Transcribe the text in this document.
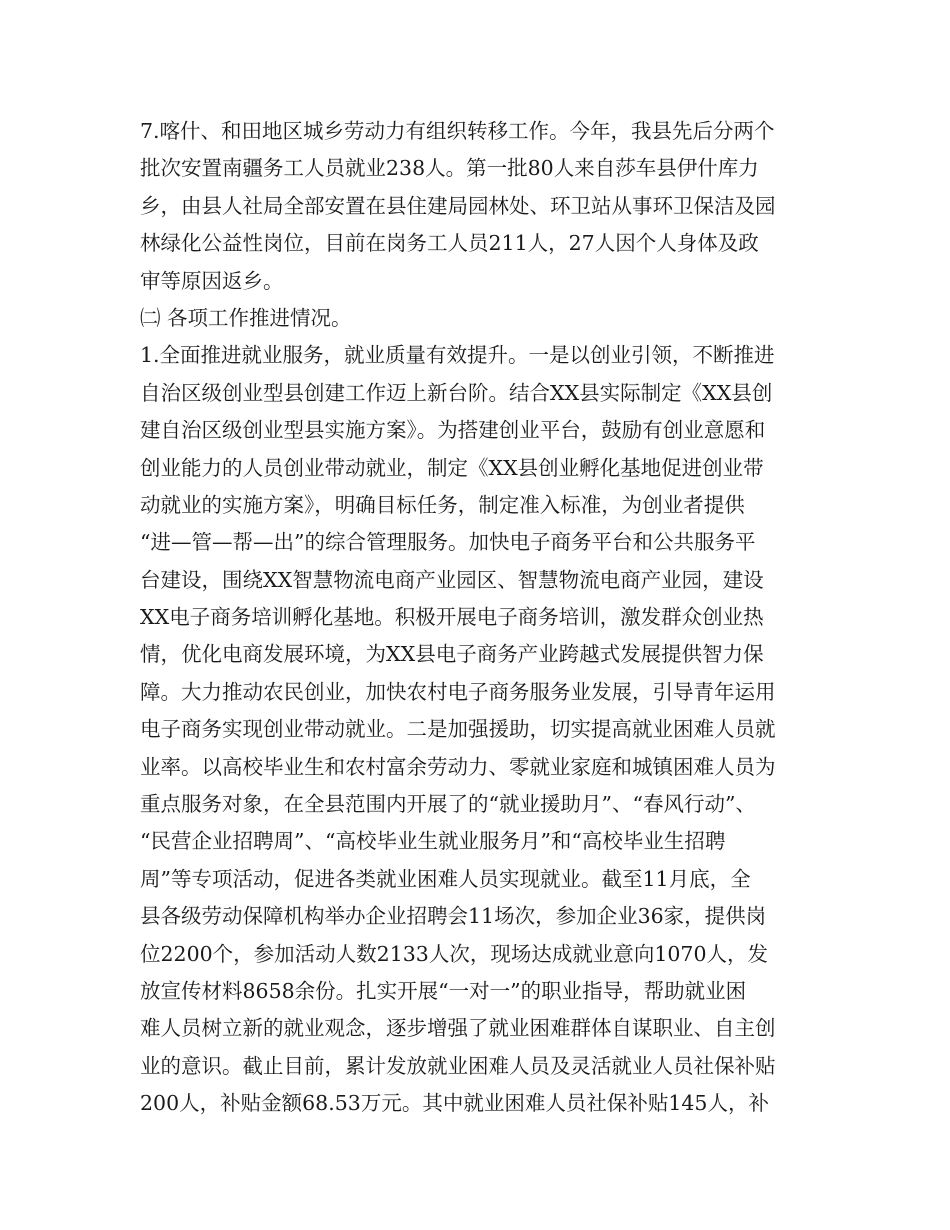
7.喀什、和田地区城乡劳动力有组织转移工作。今年，我县先后分两个
批次安置南疆务工人员就业238人。第一批80人来自莎车县伊什库力
乡，由县人社局全部安置在县住建局园林处、环卫站从事环卫保洁及园
林绿化公益性岗位，目前在岗务工人员211人，27人因个人身体及政
审等原因返乡。
㈡ 各项工作推进情况。
1.全面推进就业服务，就业质量有效提升。一是以创业引领，不断推进
自治区级创业型县创建工作迈上新台阶。结合XX县实际制定《XX县创
建自治区级创业型县实施方案》。为搭建创业平台，鼓励有创业意愿和
创业能力的人员创业带动就业，制定《XX县创业孵化基地促进创业带
动就业的实施方案》，明确目标任务，制定准入标准，为创业者提供
“进—管—帮—出”的综合管理服务。加快电子商务平台和公共服务平
台建设，围绕XX智慧物流电商产业园区、智慧物流电商产业园，建设
XX电子商务培训孵化基地。积极开展电子商务培训，激发群众创业热
情，优化电商发展环境，为XX县电子商务产业跨越式发展提供智力保
障。大力推动农民创业，加快农村电子商务服务业发展，引导青年运用
电子商务实现创业带动就业。二是加强援助，切实提高就业困难人员就
业率。以高校毕业生和农村富余劳动力、零就业家庭和城镇困难人员为
重点服务对象，在全县范围内开展了的“就业援助月”、“春风行动”、
“民营企业招聘周”、“高校毕业生就业服务月”和“高校毕业生招聘
周”等专项活动，促进各类就业困难人员实现就业。截至11月底，全
县各级劳动保障机构举办企业招聘会11场次，参加企业36家，提供岗
位2200个，参加活动人数2133人次，现场达成就业意向1070人，发
放宣传材料8658余份。扎实开展“一对一”的职业指导，帮助就业困
难人员树立新的就业观念，逐步增强了就业困难群体自谋职业、自主创
业的意识。截止目前，累计发放就业困难人员及灵活就业人员社保补贴
200人，补贴金额68.53万元。其中就业困难人员社保补贴145人，补
